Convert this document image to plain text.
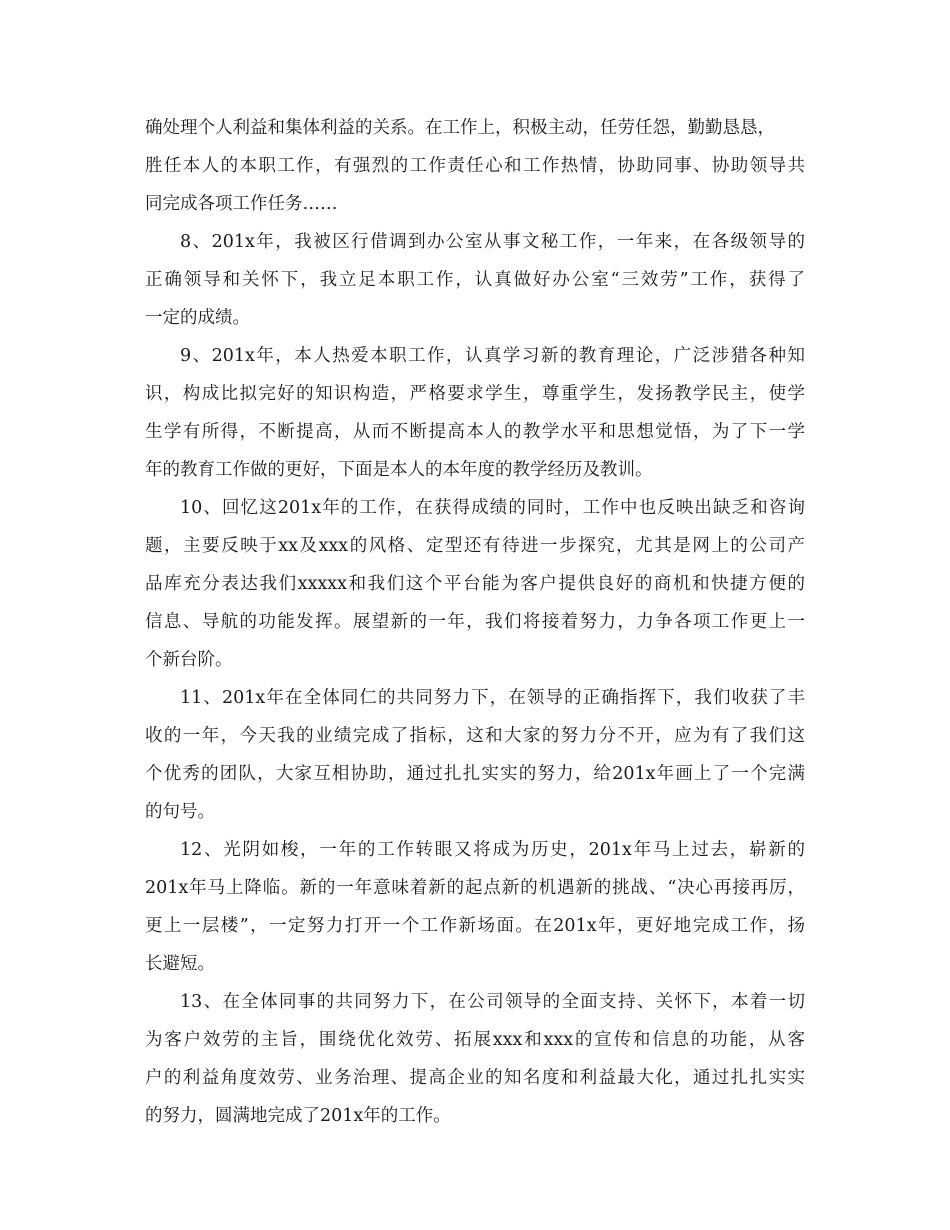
确处理个人利益和集体利益的关系。在工作上，积极主动，任劳任怨，勤勤恳恳，
胜任本人的本职工作，有强烈的工作责任心和工作热情，协助同事、协助领导共
同完成各项工作任务……
8、201x年，我被区行借调到办公室从事文秘工作，一年来，在各级领导的
正确领导和关怀下，我立足本职工作，认真做好办公室“三效劳”工作，获得了
一定的成绩。
9、201x年，本人热爱本职工作，认真学习新的教育理论，广泛涉猎各种知
识，构成比拟完好的知识构造，严格要求学生，尊重学生，发扬教学民主，使学
生学有所得，不断提高，从而不断提高本人的教学水平和思想觉悟，为了下一学
年的教育工作做的更好，下面是本人的本年度的教学经历及教训。
10、回忆这201x年的工作，在获得成绩的同时，工作中也反映出缺乏和咨询
题，主要反映于xx及xxx的风格、定型还有待进一步探究，尤其是网上的公司产
品库充分表达我们xxxxx和我们这个平台能为客户提供良好的商机和快捷方便的
信息、导航的功能发挥。展望新的一年，我们将接着努力，力争各项工作更上一
个新台阶。
11、201x年在全体同仁的共同努力下，在领导的正确指挥下，我们收获了丰
收的一年，今天我的业绩完成了指标，这和大家的努力分不开，应为有了我们这
个优秀的团队，大家互相协助，通过扎扎实实的努力，给201x年画上了一个完满
的句号。
12、光阴如梭，一年的工作转眼又将成为历史，201x年马上过去，崭新的
201x年马上降临。新的一年意味着新的起点新的机遇新的挑战、“决心再接再厉，
更上一层楼”，一定努力打开一个工作新场面。在201x年，更好地完成工作，扬
长避短。
13、在全体同事的共同努力下，在公司领导的全面支持、关怀下，本着一切
为客户效劳的主旨，围绕优化效劳、拓展xxx和xxx的宣传和信息的功能，从客
户的利益角度效劳、业务治理、提高企业的知名度和利益最大化，通过扎扎实实
的努力，圆满地完成了201x年的工作。
